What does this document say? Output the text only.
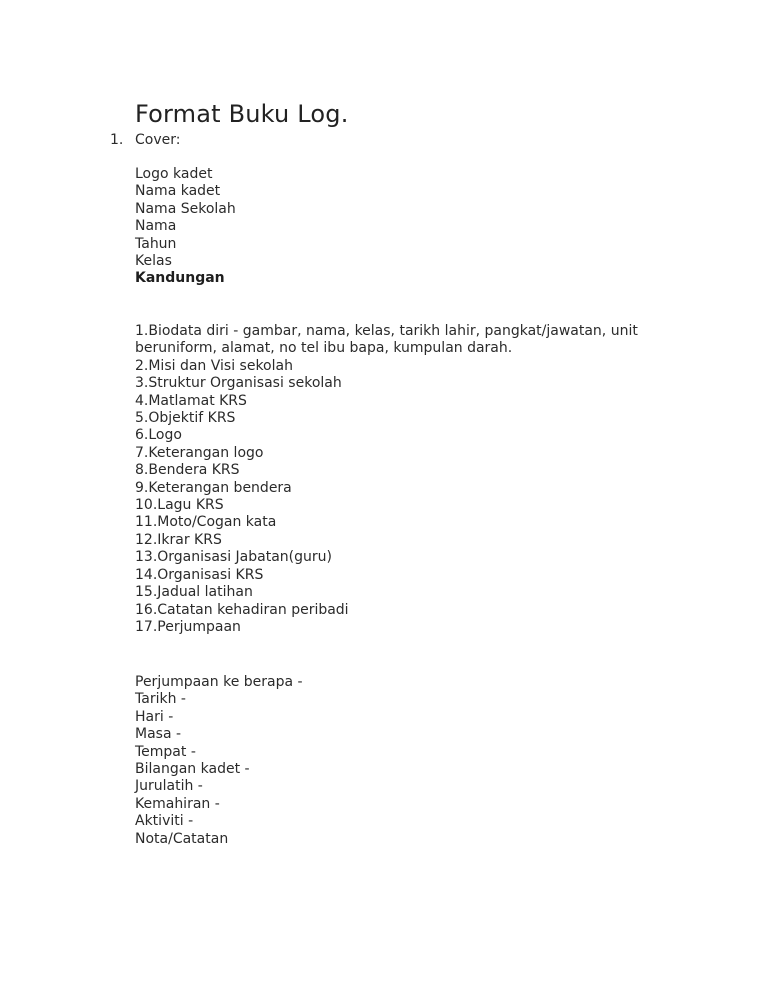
Format Buku Log.
1. Cover:
Logo kadet
Nama kadet
Nama Sekolah
Nama
Tahun
Kelas
Kandungan
1.Biodata diri - gambar, nama, kelas, tarikh lahir, pangkat/jawatan, unit beruniform, alamat, no tel ibu bapa, kumpulan darah.
2.Misi dan Visi sekolah
3.Struktur Organisasi sekolah
4.Matlamat KRS
5.Objektif KRS
6.Logo
7.Keterangan logo
8.Bendera KRS
9.Keterangan bendera
10.Lagu KRS
11.Moto/Cogan kata
12.Ikrar KRS
13.Organisasi Jabatan(guru)
14.Organisasi KRS
15.Jadual latihan
16.Catatan kehadiran peribadi
17.Perjumpaan
Perjumpaan ke berapa -
Tarikh -
Hari -
Masa -
Tempat -
Bilangan kadet -
Jurulatih -
Kemahiran -
Aktiviti -
Nota/Catatan
